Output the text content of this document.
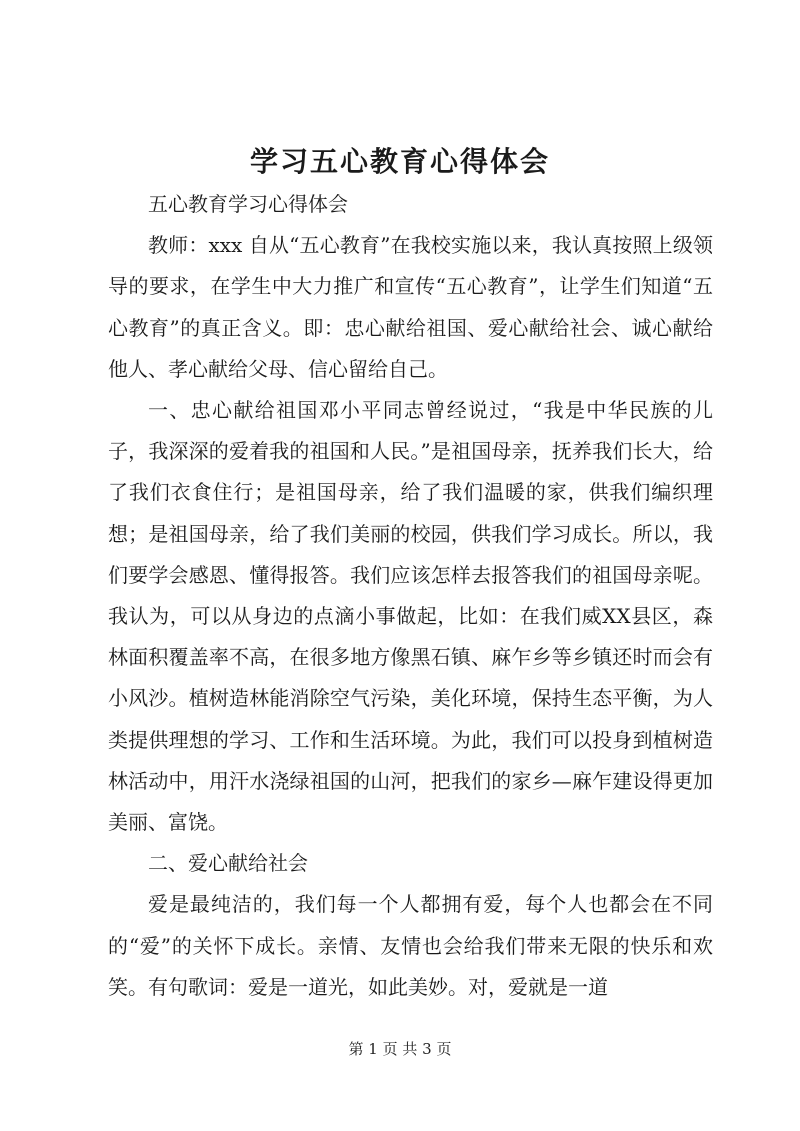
学习五心教育心得体会

五心教育学习心得体会

教师：xxx 自从“五心教育”在我校实施以来，我认真按照上级领导的要求，在学生中大力推广和宣传“五心教育”，让学生们知道“五心教育”的真正含义。即：忠心献给祖国、爱心献给社会、诚心献给他人、孝心献给父母、信心留给自己。

一、忠心献给祖国邓小平同志曾经说过，“我是中华民族的儿子，我深深的爱着我的祖国和人民。”是祖国母亲，抚养我们长大，给了我们衣食住行；是祖国母亲，给了我们温暖的家，供我们编织理想；是祖国母亲，给了我们美丽的校园，供我们学习成长。所以，我们要学会感恩、懂得报答。我们应该怎样去报答我们的祖国母亲呢。我认为，可以从身边的点滴小事做起，比如：在我们威XX县区，森林面积覆盖率不高，在很多地方像黑石镇、麻乍乡等乡镇还时而会有小风沙。植树造林能消除空气污染，美化环境，保持生态平衡，为人类提供理想的学习、工作和生活环境。为此，我们可以投身到植树造林活动中，用汗水浇绿祖国的山河，把我们的家乡—麻乍建设得更加美丽、富饶。

二、爱心献给社会

爱是最纯洁的，我们每一个人都拥有爱，每个人也都会在不同的“爱”的关怀下成长。亲情、友情也会给我们带来无限的快乐和欢笑。有句歌词：爱是一道光，如此美妙。对，爱就是一道

第 1 页 共 3 页
